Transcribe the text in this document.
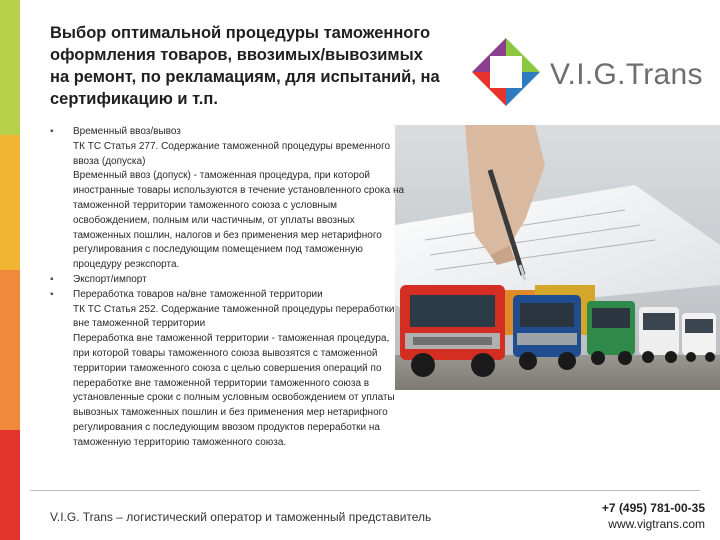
Выбор оптимальной процедуры таможенного оформления товаров, ввозимых/вывозимых на ремонт, по рекламациям, для испытаний, на сертификацию и т.п.
V.I.G.Trans
▪	Временный ввоз/вывоз
ТК ТС Статья 277. Содержание таможенной процедуры временного ввоза (допуска)
Временный ввоз (допуск) - таможенная процедура, при которой иностранные товары используются в течение установленного срока на таможенной территории таможенного союза с условным освобождением, полным или частичным, от уплаты ввозных таможенных пошлин, налогов и без применения мер нетарифного регулирования с последующим помещением под таможенную процедуру реэкспорта.
▪	Экспорт/импорт
▪	Переработка товаров на/вне таможенной территории
ТК ТС Статья 252. Содержание таможенной процедуры переработки вне таможенной территории
Переработка вне таможенной территории - таможенная процедура, при которой товары таможенного союза вывозятся с таможенной территории таможенного союза с целью совершения операций по переработке вне таможенной территории таможенного союза в установленные сроки с полным условным освобождением от уплаты вывозных таможенных пошлин и без применения мер нетарифного регулирования с последующим ввозом продуктов переработки на таможенную территорию таможенного союза.
V.I.G. Trans – логистический оператор и таможенный представитель
+7 (495) 781-00-35
www.vigtrans.com
